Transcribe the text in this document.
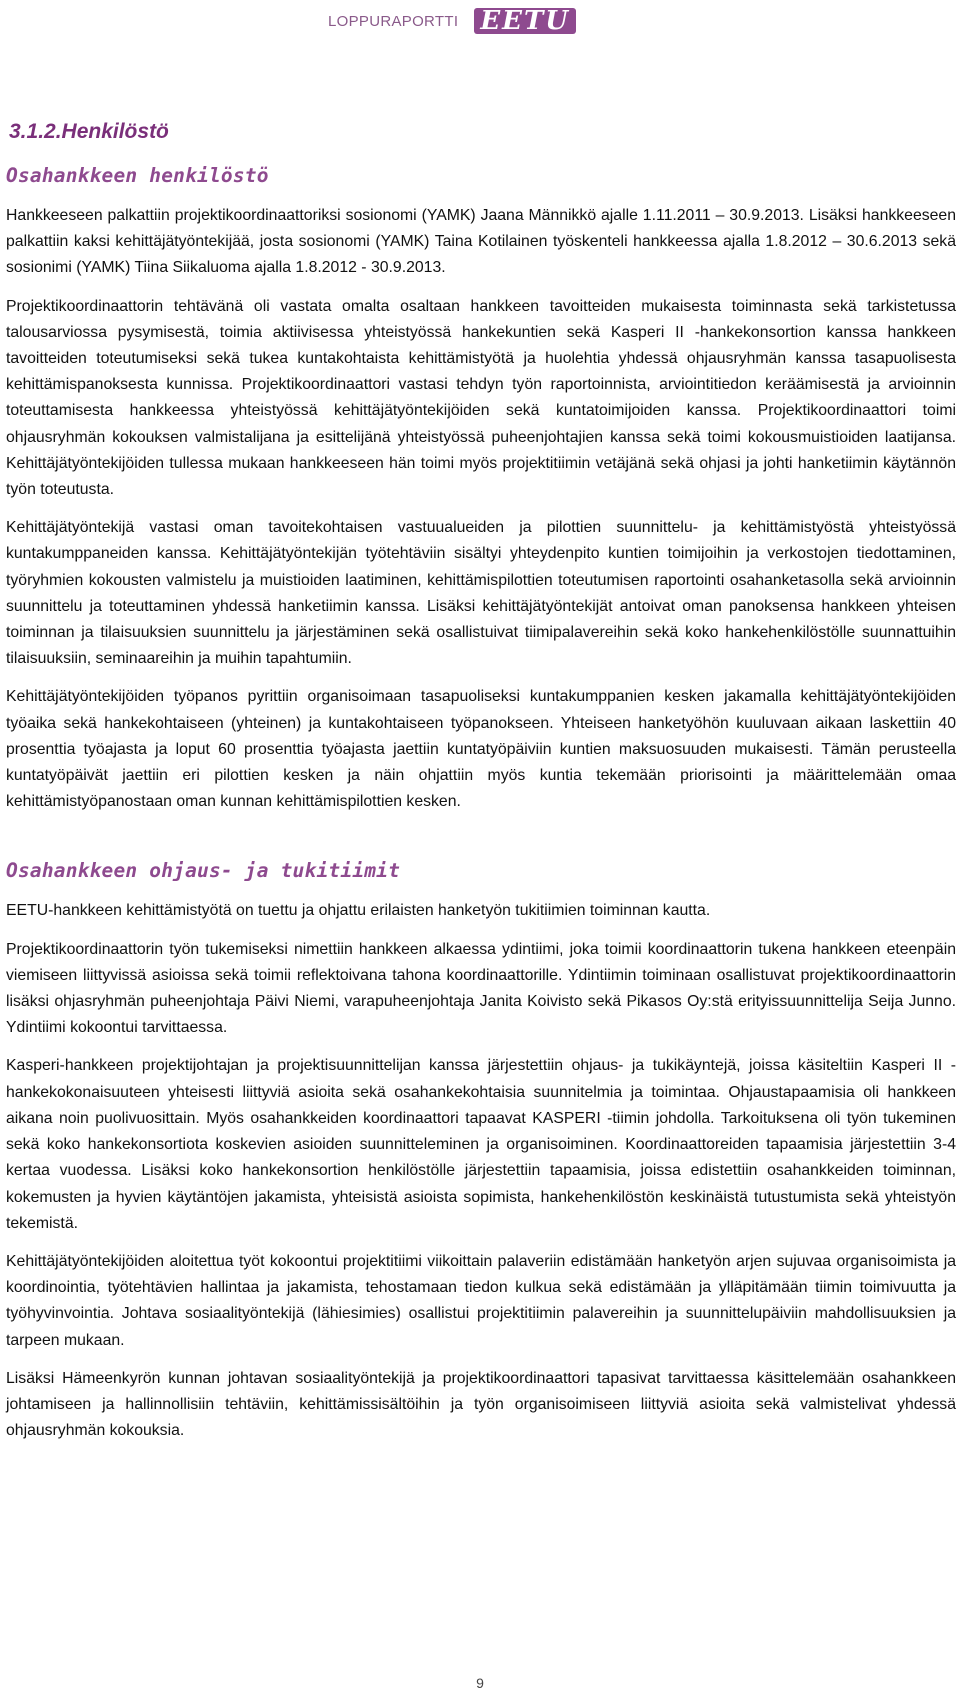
LOPPURAPORTTI EETU
3.1.2.Henkilöstö
Osahankkeen henkilöstö

Hankkeeseen palkattiin projektikoordinaattoriksi sosionomi (YAMK) Jaana Männikkö ajalle 1.11.2011 – 30.9.2013. Lisäksi hankkeeseen palkattiin kaksi kehittäjätyöntekijää, josta sosionomi (YAMK) Taina Kotilainen työskenteli hankkeessa ajalla 1.8.2012 – 30.6.2013 sekä sosionimi (YAMK) Tiina Siikaluoma ajalla 1.8.2012 - 30.9.2013.

Projektikoordinaattorin tehtävänä oli vastata omalta osaltaan hankkeen tavoitteiden mukaisesta toiminnasta sekä tarkistetussa talousarviossa pysymisestä, toimia aktiivisessa yhteistyössä hankekuntien sekä Kasperi II -hankekonsortion kanssa hankkeen tavoitteiden toteutumiseksi sekä tukea kuntakohtaista kehittämistyötä ja huolehtia yhdessä ohjausryhmän kanssa tasapuolisesta kehittämispanoksesta kunnissa. Projektikoordinaattori vastasi tehdyn työn raportoinnista, arviointitiedon keräämisestä ja arvioinnin toteuttamisesta hankkeessa yhteistyössä kehittäjätyöntekijöiden sekä kuntatoimijoiden kanssa. Projektikoordinaattori toimi ohjausryhmän kokouksen valmistalijana ja esittelijänä yhteistyössä puheenjohtajien kanssa sekä toimi kokousmuistioiden laatijansa. Kehittäjätyöntekijöiden tullessa mukaan hankkeeseen hän toimi myös projektitiimin vetäjänä sekä ohjasi ja johti hanketiimin käytännön työn toteutusta.

Kehittäjätyöntekijä vastasi oman tavoitekohtaisen vastuualueiden ja pilottien suunnittelu- ja kehittämistyöstä yhteistyössä kuntakumppaneiden kanssa. Kehittäjätyöntekijän työtehtäviin sisältyi yhteydenpito kuntien toimijoihin ja verkostojen tiedottaminen, työryhmien kokousten valmistelu ja muistioiden laatiminen, kehittämispilottien toteutumisen raportointi osahanketasolla sekä arvioinnin suunnittelu ja toteuttaminen yhdessä hanketiimin kanssa. Lisäksi kehittäjätyöntekijät antoivat oman panoksensa hankkeen yhteisen toiminnan ja tilaisuuksien suunnittelu ja järjestäminen sekä osallistuivat tiimipalavereihin sekä koko hankehenkilöstölle suunnattuihin tilaisuuksiin, seminaareihin ja muihin tapahtumiin.

Kehittäjätyöntekijöiden työpanos pyrittiin organisoimaan tasapuoliseksi kuntakumppanien kesken jakamalla kehittäjätyöntekijöiden työaika sekä hankekohtaiseen (yhteinen) ja kuntakohtaiseen työpanokseen. Yhteiseen hanketyöhön kuuluvaan aikaan laskettiin 40 prosenttia työajasta ja loput 60 prosenttia työajasta jaettiin kuntatyöpäiviin kuntien maksuosuuden mukaisesti. Tämän perusteella kuntatyöpäivät jaettiin eri pilottien kesken ja näin ohjattiin myös kuntia tekemään priorisointi ja määrittelemään omaa kehittämistyöpanostaan oman kunnan kehittämispilottien kesken.

Osahankkeen ohjaus- ja tukitiimit

EETU-hankkeen kehittämistyötä on tuettu ja ohjattu erilaisten hanketyön tukitiimien toiminnan kautta.

Projektikoordinaattorin työn tukemiseksi nimettiin hankkeen alkaessa ydintiimi, joka toimii koordinaattorin tukena hankkeen eteenpäin viemiseen liittyvissä asioissa sekä toimii reflektoivana tahona koordinaattorille. Ydintiimin toiminaan osallistuvat projektikoordinaattorin lisäksi ohjasryhmän puheenjohtaja Päivi Niemi, varapuheenjohtaja Janita Koivisto sekä Pikasos Oy:stä erityissuunnittelija Seija Junno. Ydintiimi kokoontui tarvittaessa.

Kasperi-hankkeen projektijohtajan ja projektisuunnittelijan kanssa järjestettiin ohjaus- ja tukikäyntejä, joissa käsiteltiin Kasperi II -hankekokonaisuuteen yhteisesti liittyviä asioita sekä osahankekohtaisia suunnitelmia ja toimintaa. Ohjaustapaamisia oli hankkeen aikana noin puolivuosittain. Myös osahankkeiden koordinaattori tapaavat KASPERI -tiimin johdolla. Tarkoituksena oli työn tukeminen sekä koko hankekonsortiota koskevien asioiden suunnitteleminen ja organisoiminen. Koordinaattoreiden tapaamisia järjestettiin 3-4 kertaa vuodessa. Lisäksi koko hankekonsortion henkilöstölle järjestettiin tapaamisia, joissa edistettiin osahankkeiden toiminnan, kokemusten ja hyvien käytäntöjen jakamista, yhteisistä asioista sopimista, hankehenkilöstön keskinäistä tutustumista sekä yhteistyön tekemistä.

Kehittäjätyöntekijöiden aloitettua työt kokoontui projektitiimi viikoittain palaveriin edistämään hanketyön arjen sujuvaa organisoimista ja koordinointia, työtehtävien hallintaa ja jakamista, tehostamaan tiedon kulkua sekä edistämään ja ylläpitämään tiimin toimivuutta ja työhyvinvointia. Johtava sosiaalityöntekijä (lähiesimies) osallistui projektitiimin palavereihin ja suunnittelupäiviin mahdollisuuksien ja tarpeen mukaan.

Lisäksi Hämeenkyrön kunnan johtavan sosiaalityöntekijä ja projektikoordinaattori tapasivat tarvittaessa käsittelemään osahankkeen johtamiseen ja hallinnollisiin tehtäviin, kehittämissisältöihin ja työn organisoimiseen liittyviä asioita sekä valmistelivat yhdessä ohjausryhmän kokouksia.

9
